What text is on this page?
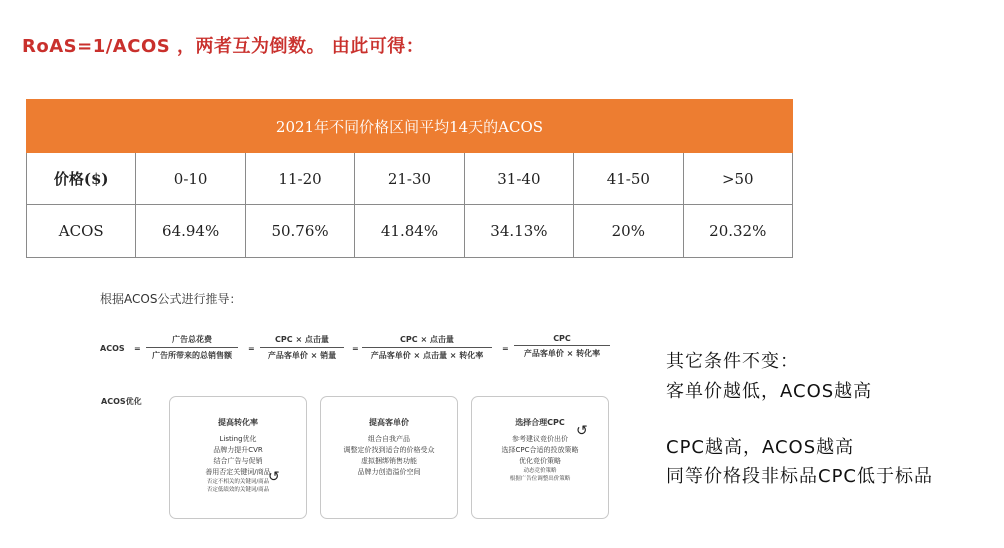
RoAS=1/ACOS ，两者互为倒数。 由此可得：
2021年不同价格区间平均14天的ACOS						
价格($)	0-10	11-20	21-30	31-40	41-50	>50
ACOS	64.94%	50.76%	41.84%	34.13%	20%	20.32%
根据ACOS公式进行推导：
ACOS =
广告总花费
广告所带来的总销售额
=
CPC × 点击量
产品客单价 × 销量
=
CPC × 点击量
产品客单价 × 点击量 × 转化率
=
CPC
产品客单价 × 转化率
ACOS优化
提高转化率
Listing优化
品牌力提升CVR
结合广告与促销
善用否定关键词/商品
否定不相关的关键词/商品
否定低绩效的关键词/商品
↺
提高客单价
组合自我产品
调整定价找到适合的价格受众
虚拟捆绑销售功能
品牌力创造溢价空间
选择合理CPC
参考建议竞价出价
选择CPC合适的投放策略
优化竞价策略
动态竞价策略
根据广告位调整出价策略
↺
其它条件不变：
客单价越低，ACOS越高
CPC越高，ACOS越高
同等价格段非标品CPC低于标品
